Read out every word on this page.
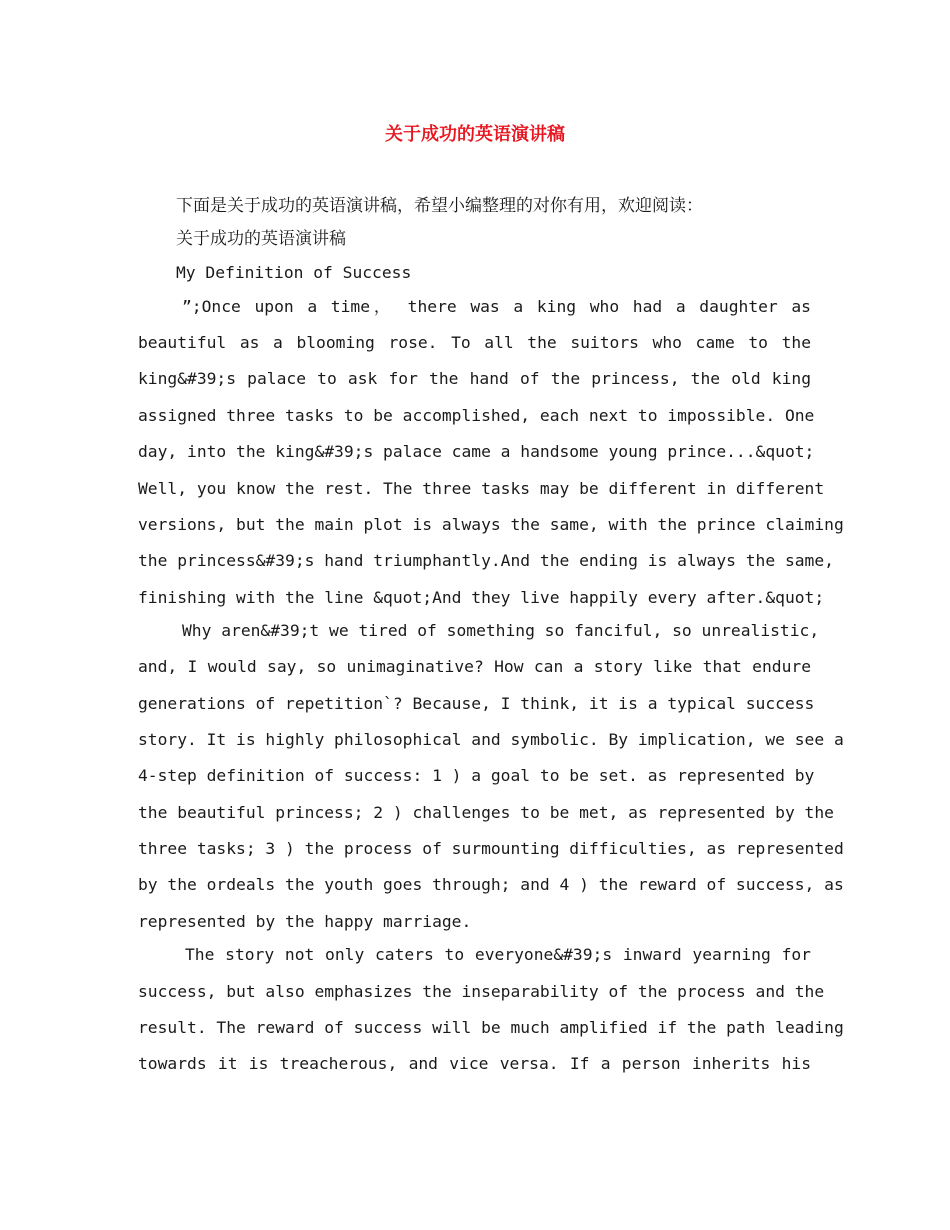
关于成功的英语演讲稿
下面是关于成功的英语演讲稿，希望小编整理的对你有用，欢迎阅读：
关于成功的英语演讲稿
My Definition of Success
”;Once upon a time， there was a king who had a daughter as
beautiful as a blooming rose. To all the suitors who came to the
king&#39;s palace to ask for the hand of the princess, the old king
assigned three tasks to be accomplished, each next to impossible. One
day, into the king&#39;s palace came a handsome young prince...&quot;
Well, you know the rest. The three tasks may be different in different
versions, but the main plot is always the same, with the prince claiming
the princess&#39;s hand triumphantly.And the ending is always the same,
finishing with the line &quot;And they live happily every after.&quot;
Why aren&#39;t we tired of something so fanciful, so unrealistic,
and, I would say, so unimaginative? How can a story like that endure
generations of repetition`? Because, I think, it is a typical success
story. It is highly philosophical and symbolic. By implication, we see a
4-step definition of success: 1 ) a goal to be set. as represented by
the beautiful princess; 2 ) challenges to be met, as represented by the
three tasks; 3 ) the process of surmounting difficulties, as represented
by the ordeals the youth goes through; and 4 ) the reward of success, as
represented by the happy marriage.
The story not only caters to everyone&#39;s inward yearning for
success, but also emphasizes the inseparability of the process and the
result. The reward of success will be much amplified if the path leading
towards it is treacherous, and vice versa. If a person inherits his
